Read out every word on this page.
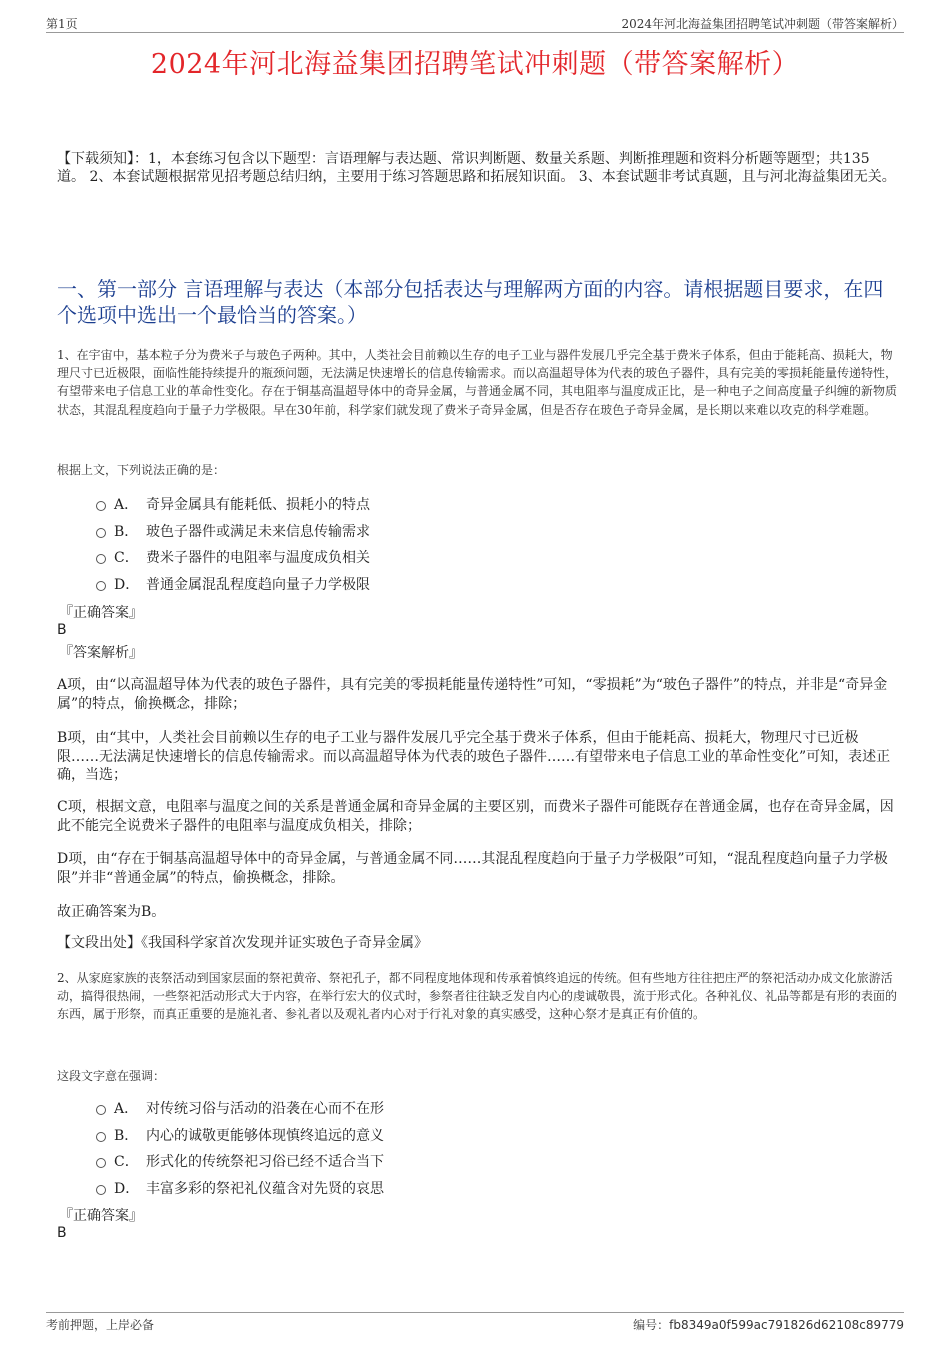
第1页	2024年河北海益集团招聘笔试冲刺题（带答案解析）
2024年河北海益集团招聘笔试冲刺题（带答案解析）
【下载须知】：1，本套练习包含以下题型：言语理解与表达题、常识判断题、数量关系题、判断推理题和资料分析题等题型；共135道。 2、本套试题根据常见招考题总结归纳，主要用于练习答题思路和拓展知识面。 3、本套试题非考试真题，且与河北海益集团无关。
一、第一部分 言语理解与表达（本部分包括表达与理解两方面的内容。请根据题目要求，在四个选项中选出一个最恰当的答案。）
1、在宇宙中，基本粒子分为费米子与玻色子两种。其中，人类社会目前赖以生存的电子工业与器件发展几乎完全基于费米子体系，但由于能耗高、损耗大，物理尺寸已近极限，面临性能持续提升的瓶颈问题，无法满足快速增长的信息传输需求。而以高温超导体为代表的玻色子器件，具有完美的零损耗能量传递特性，有望带来电子信息工业的革命性变化。存在于铜基高温超导体中的奇异金属，与普通金属不同，其电阻率与温度成正比，是一种电子之间高度量子纠缠的新物质状态，其混乱程度趋向于量子力学极限。早在30年前，科学家们就发现了费米子奇异金属，但是否存在玻色子奇异金属，是长期以来难以攻克的科学难题。
根据上文，下列说法正确的是：
A． 奇异金属具有能耗低、损耗小的特点
B． 玻色子器件或满足未来信息传输需求
C． 费米子器件的电阻率与温度成负相关
D． 普通金属混乱程度趋向量子力学极限
『正确答案』
B
『答案解析』
A项，由“以高温超导体为代表的玻色子器件，具有完美的零损耗能量传递特性”可知，“零损耗”为“玻色子器件”的特点，并非是“奇异金属”的特点，偷换概念，排除；
B项，由“其中，人类社会目前赖以生存的电子工业与器件发展几乎完全基于费米子体系，但由于能耗高、损耗大，物理尺寸已近极限……无法满足快速增长的信息传输需求。而以高温超导体为代表的玻色子器件……有望带来电子信息工业的革命性变化”可知，表述正确，当选；
C项，根据文意，电阻率与温度之间的关系是普通金属和奇异金属的主要区别，而费米子器件可能既存在普通金属，也存在奇异金属，因此不能完全说费米子器件的电阻率与温度成负相关，排除；
D项，由“存在于铜基高温超导体中的奇异金属，与普通金属不同……其混乱程度趋向于量子力学极限”可知，“混乱程度趋向量子力学极限”并非“普通金属”的特点，偷换概念，排除。
故正确答案为B。
【文段出处】《我国科学家首次发现并证实玻色子奇异金属》
2、从家庭家族的丧祭活动到国家层面的祭祀黄帝、祭祀孔子，都不同程度地体现和传承着慎终追远的传统。但有些地方往往把庄严的祭祀活动办成文化旅游活动，搞得很热闹，一些祭祀活动形式大于内容，在举行宏大的仪式时，参祭者往往缺乏发自内心的虔诚敬畏，流于形式化。各种礼仪、礼品等都是有形的表面的东西，属于形祭，而真正重要的是施礼者、参礼者以及观礼者内心对于行礼对象的真实感受，这种心祭才是真正有价值的。
这段文字意在强调：
A． 对传统习俗与活动的沿袭在心而不在形
B． 内心的诚敬更能够体现慎终追远的意义
C． 形式化的传统祭祀习俗已经不适合当下
D． 丰富多彩的祭祀礼仪蕴含对先贤的哀思
『正确答案』
B
考前押题，上岸必备	编号：fb8349a0f599ac791826d62108c89779
